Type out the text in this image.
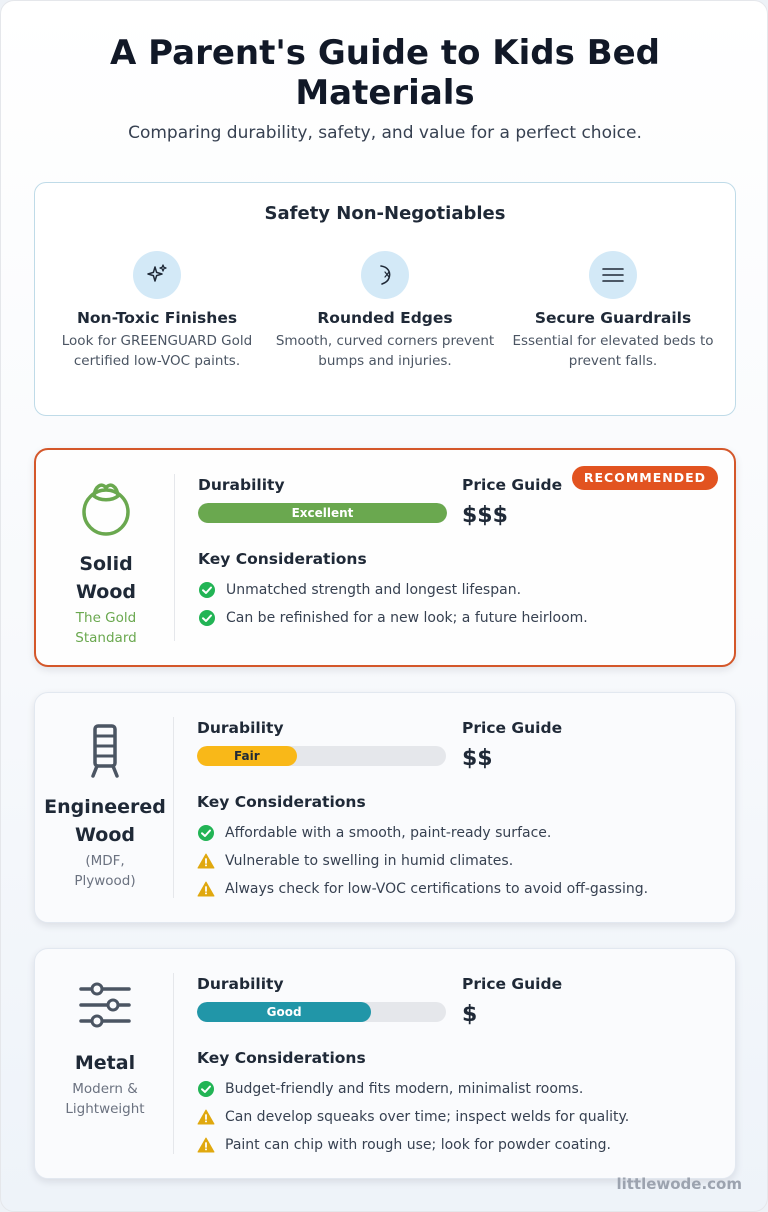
A Parent's Guide to Kids Bed Materials

Comparing durability, safety, and value for a perfect choice.

Safety Non-Negotiables
Non-Toxic Finishes
Look for GREENGUARD Gold certified low-VOC paints.
Rounded Edges
Smooth, curved corners prevent bumps and injuries.
Secure Guardrails
Essential for elevated beds to prevent falls.
Solid Wood
The Gold Standard
Durability
Excellent
Price Guide
$$$
RECOMMENDED
Key Considerations
Unmatched strength and longest lifespan.
Can be refinished for a new look; a future heirloom.
Engineered Wood
(MDF, Plywood)
Durability
Fair
Price Guide
$$
Key Considerations
Affordable with a smooth, paint-ready surface.
Vulnerable to swelling in humid climates.
Always check for low-VOC certifications to avoid off-gassing.
Metal
Modern & Lightweight
Durability
Good
Price Guide
$
Key Considerations
Budget-friendly and fits modern, minimalist rooms.
Can develop squeaks over time; inspect welds for quality.
Paint can chip with rough use; look for powder coating.
littlewode.com
